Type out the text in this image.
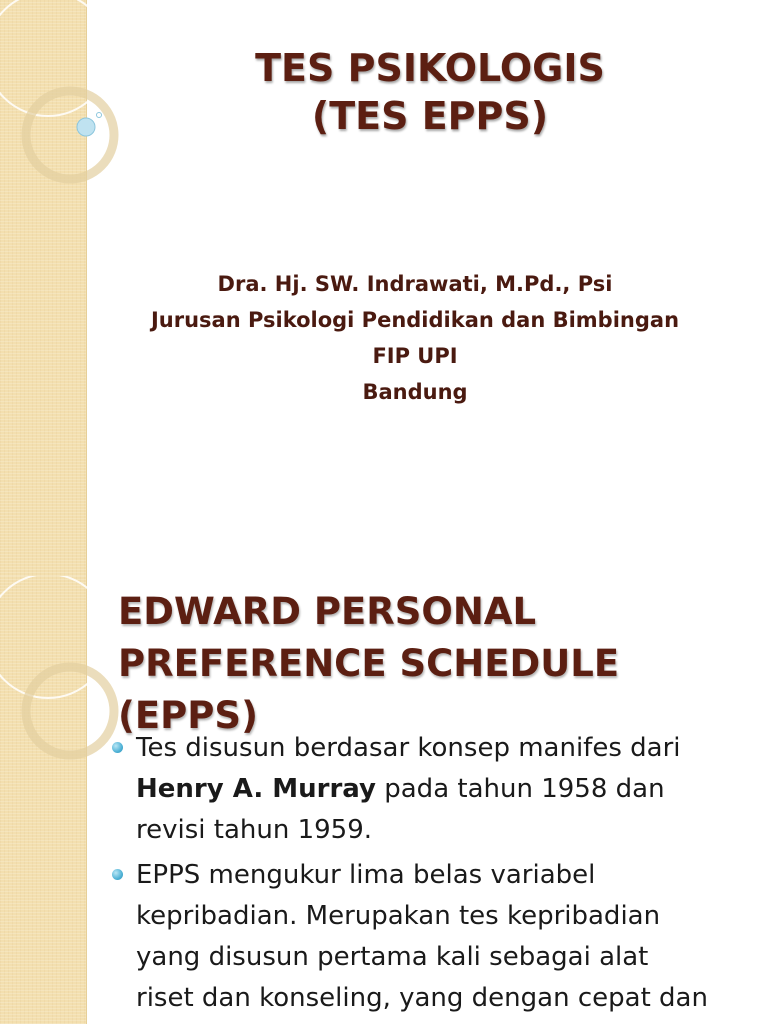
TES PSIKOLOGIS
(TES EPPS)
Dra. Hj. SW. Indrawati, M.Pd., Psi
Jurusan Psikologi Pendidikan dan Bimbingan
FIP UPI
Bandung
EDWARD PERSONAL
PREFERENCE SCHEDULE
(EPPS)
Tes disusun berdasar konsep manifes dari
Henry A. Murray pada tahun 1958 dan
revisi tahun 1959.
EPPS mengukur lima belas variabel
kepribadian. Merupakan tes kepribadian
yang disusun pertama kali sebagai alat
riset dan konseling, yang dengan cepat dan
